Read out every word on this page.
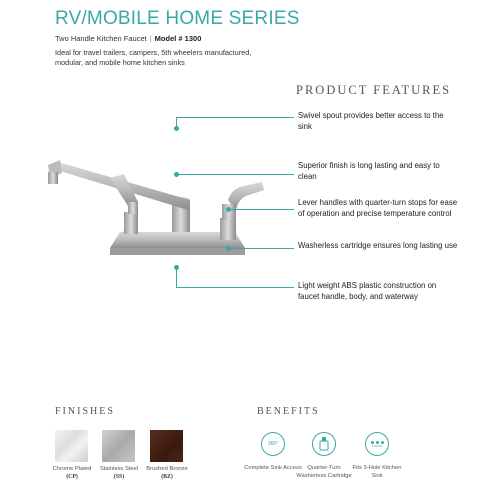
RV/MOBILE HOME SERIES
Two Handle Kitchen Faucet | Model # 1300
Ideal for travel trailers, campers, 5th wheelers manufactured, modular, and mobile home kitchen sinks
PRODUCT FEATURES
Swivel spout provides better access to the sink
Superior finish is long lasting and easy to clean
Lever handles with quarter-turn stops for ease of operation and precise temperature control
Washerless cartridge ensures long lasting use
Light weight ABS plastic construction on faucet handle, body, and waterway
FINISHES
Chrome Plated (CP)
Stainless Steel (SS)
Brushed Bronze (BZ)
BENEFITS
360°	3-HOLE
Complete Sink Access Quarter-Turn Washerless Cartridge
Fits 3-Hole Kitchen Sink
